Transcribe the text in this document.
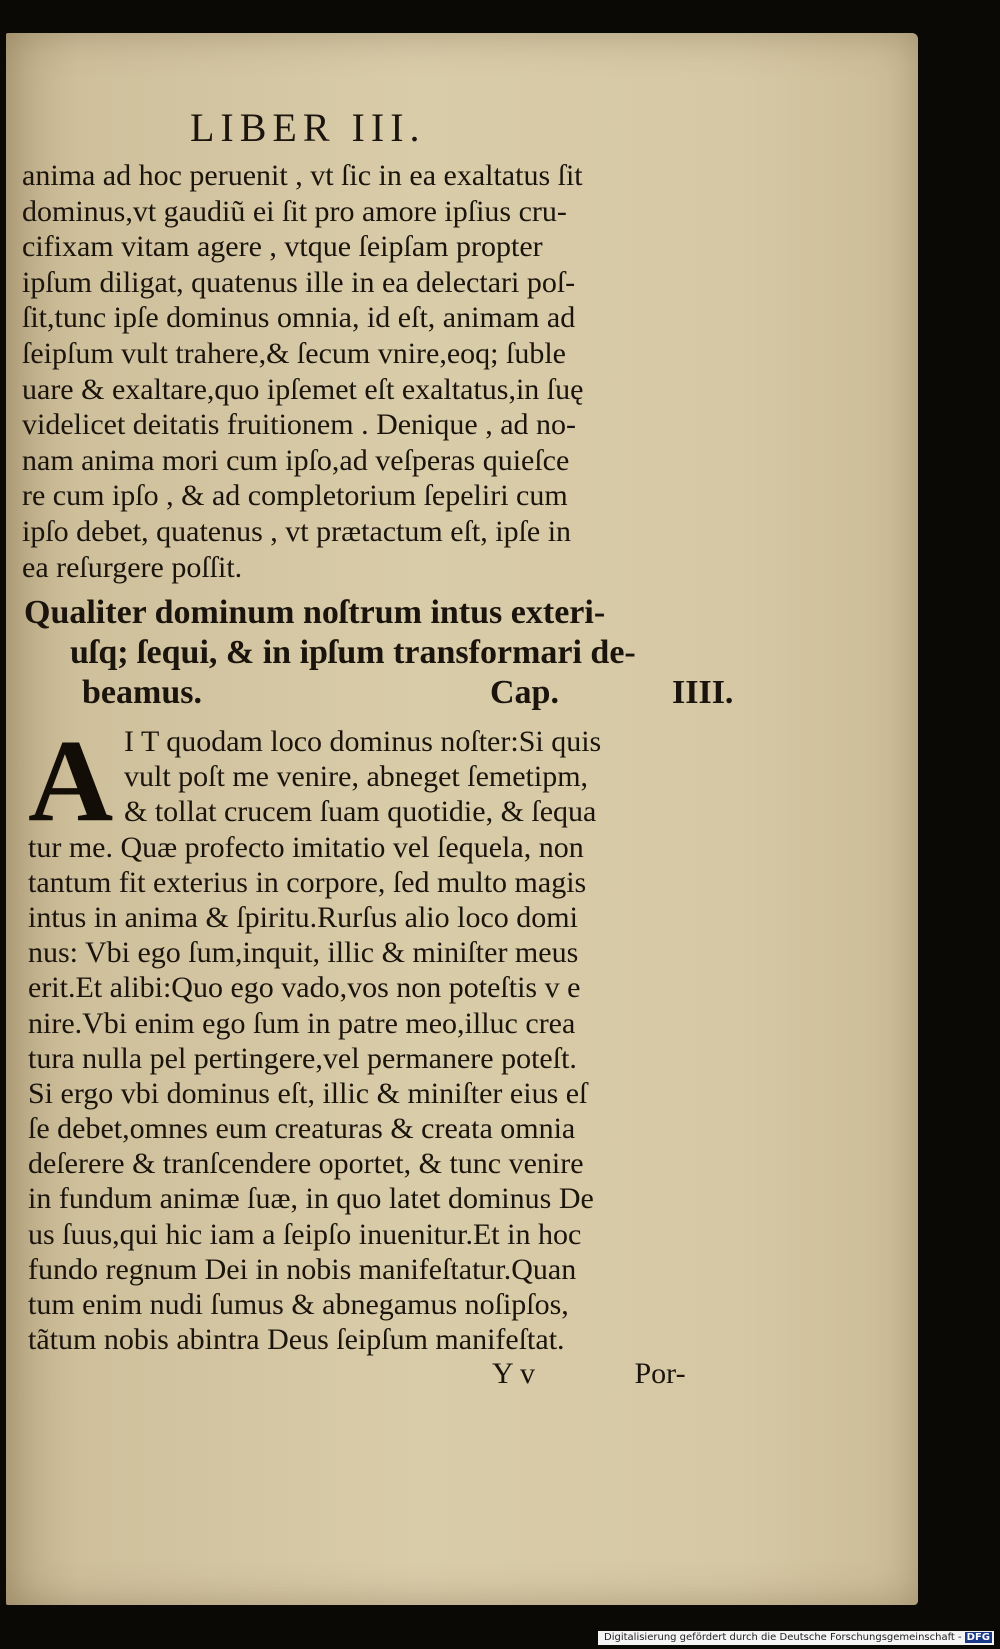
LIBER III.
anima ad hoc peruenit , vt ſic in ea exaltatus ſit
dominus,vt gaudiũ ei ſit pro amore ipſius cru-
cifixam vitam agere , vtque ſeipſam propter
ipſum diligat, quatenus ille in ea delectari poſ-
ſit,tunc ipſe dominus omnia, id eſt, animam ad
ſeipſum vult trahere,& ſecum vnire,eoq; ſuble
uare & exaltare,quo ipſemet eſt exaltatus,in ſuę
videlicet deitatis fruitionem . Denique , ad no-
nam anima mori cum ipſo,ad veſperas quieſce
re cum ipſo , & ad completorium ſepeliri cum
ipſo debet, quatenus , vt prætactum eſt, ipſe in
ea reſurgere poſſit.
Qualiter dominum noſtrum intus exteri-
uſq; ſequi, & in ipſum transformari de-
beamus.	Cap.	IIII.
A I T quodam loco dominus noſter:Si quis
vult poſt me venire, abneget ſemetipm,
& tollat crucem ſuam quotidie, & ſequa
tur me. Quæ profecto imitatio vel ſequela, non
tantum fit exterius in corpore, ſed multo magis
intus in anima & ſpiritu.Rurſus alio loco domi
nus: Vbi ego ſum,inquit, illic & miniſter meus
erit.Et alibi:Quo ego vado,vos non poteſtis v e
nire.Vbi enim ego ſum in patre meo,illuc crea
tura nulla pel pertingere,vel permanere poteſt.
Si ergo vbi dominus eſt, illic & miniſter eius eſ
ſe debet,omnes eum creaturas & creata omnia
deſerere & tranſcendere oportet, & tunc venire
in fundum animæ ſuæ, in quo latet dominus De
us ſuus,qui hic iam a ſeipſo inuenitur.Et in hoc
fundo regnum Dei in nobis manifeſtatur.Quan
tum enim nudi ſumus & abnegamus noſipſos,
tãtum nobis abintra Deus ſeipſum manifeſtat.
Y v	Por-
Digitalisierung gefördert durch die Deutsche Forschungsgemeinschaft - DFG
